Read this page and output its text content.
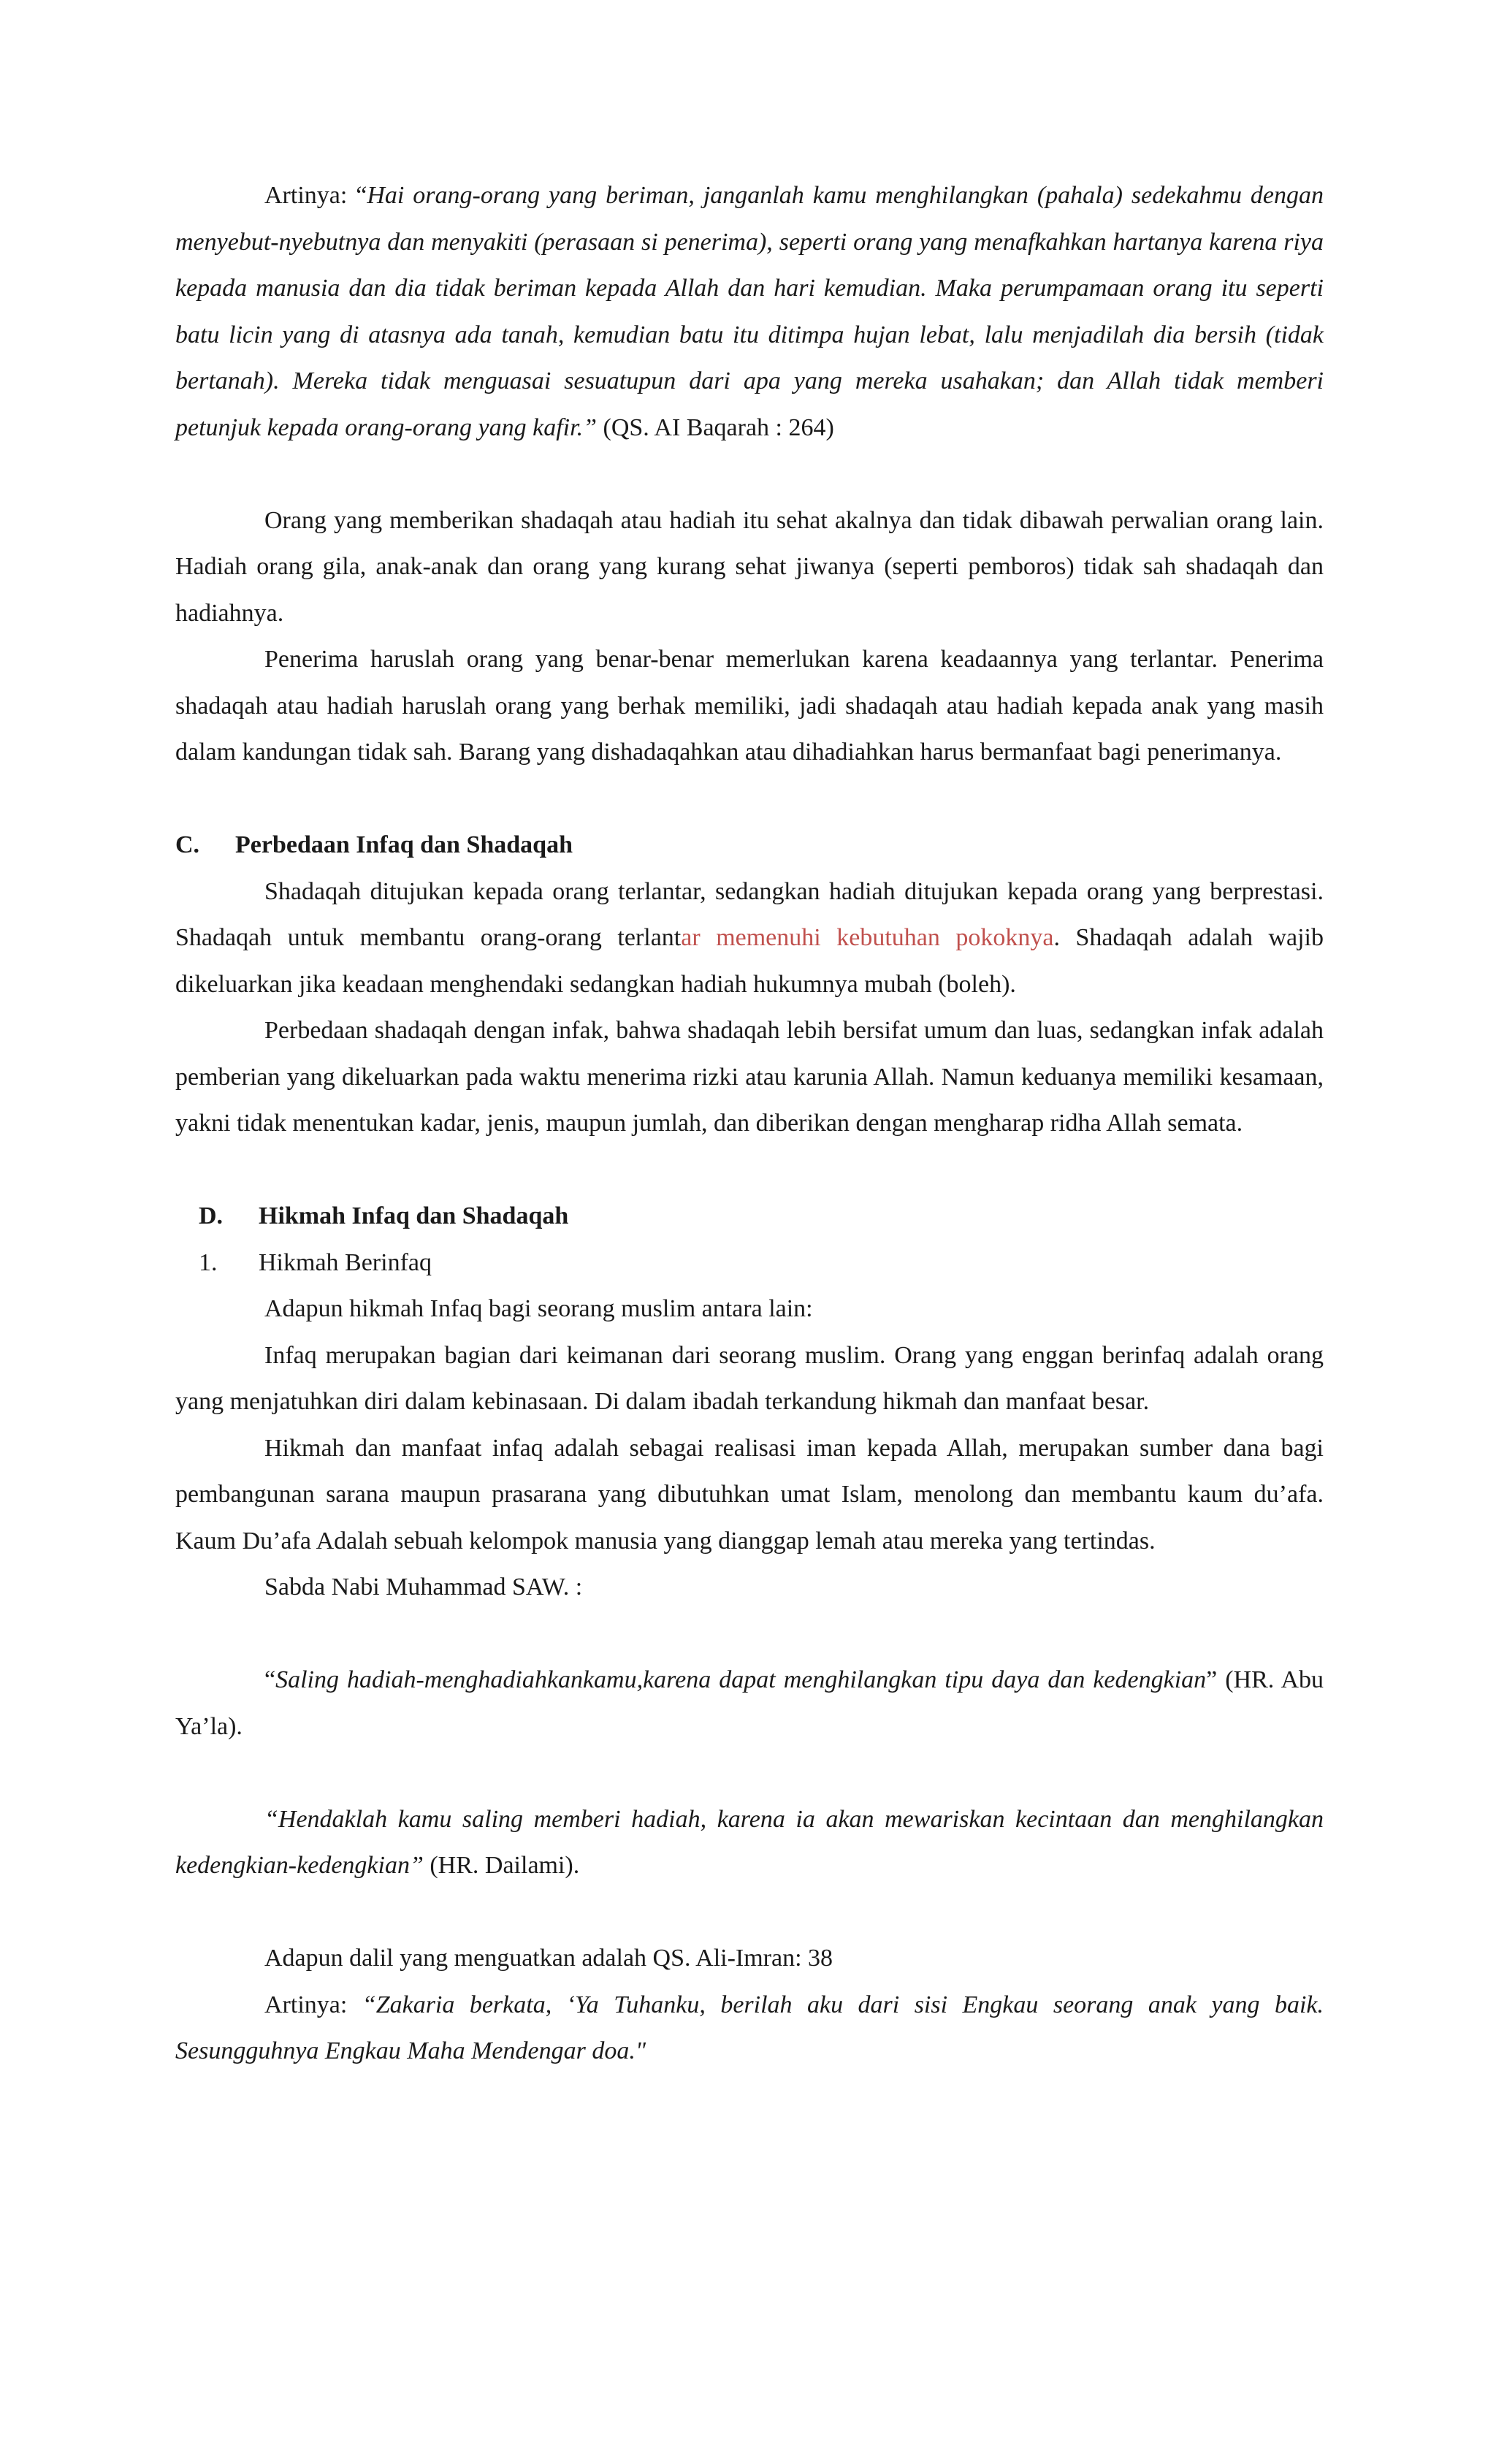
Artinya: “Hai orang-orang yang beriman, janganlah kamu menghilangkan (pahala) sedekahmu dengan menyebut-nyebutnya dan menyakiti (perasaan si penerima), seperti orang yang menafkahkan hartanya karena riya kepada manusia dan dia tidak beriman kepada Allah dan hari kemudian. Maka perumpamaan orang itu seperti batu licin yang di atasnya ada tanah, kemudian batu itu ditimpa hujan lebat, lalu menjadilah dia bersih (tidak bertanah). Mereka tidak menguasai sesuatupun dari apa yang mereka usahakan; dan Allah tidak memberi petunjuk kepada orang-orang yang kafir.” (QS. AI Baqarah : 264)

Orang yang memberikan shadaqah atau hadiah itu sehat akalnya dan tidak dibawah perwalian orang lain. Hadiah orang gila, anak-anak dan orang yang kurang sehat jiwanya (seperti pemboros) tidak sah shadaqah dan hadiahnya.

Penerima haruslah orang yang benar-benar memerlukan karena keadaannya yang terlantar. Penerima shadaqah atau hadiah haruslah orang yang berhak memiliki, jadi shadaqah atau hadiah kepada anak yang masih dalam kandungan tidak sah. Barang yang dishadaqahkan atau dihadiahkan harus bermanfaat bagi penerimanya.

C.	Perbedaan Infaq dan Shadaqah

Shadaqah ditujukan kepada orang terlantar, sedangkan hadiah ditujukan kepada orang yang berprestasi. Shadaqah untuk membantu orang-orang terlantar memenuhi kebutuhan pokoknya. Shadaqah adalah wajib dikeluarkan jika keadaan menghendaki sedangkan hadiah hukumnya mubah (boleh).

Perbedaan shadaqah dengan infak, bahwa shadaqah lebih bersifat umum dan luas, sedangkan infak adalah pemberian yang dikeluarkan pada waktu menerima rizki atau karunia Allah. Namun keduanya memiliki kesamaan, yakni tidak menentukan kadar, jenis, maupun jumlah, dan diberikan dengan mengharap ridha Allah semata.

D.	Hikmah Infaq dan Shadaqah
1.	Hikmah Berinfaq

Adapun hikmah Infaq bagi seorang muslim antara lain:

Infaq merupakan bagian dari keimanan dari seorang muslim. Orang yang enggan berinfaq adalah orang yang menjatuhkan diri dalam kebinasaan. Di dalam ibadah terkandung hikmah dan manfaat besar.

Hikmah dan manfaat infaq adalah sebagai realisasi iman kepada Allah, merupakan sumber dana bagi pembangunan sarana maupun prasarana yang dibutuhkan umat Islam, menolong dan membantu kaum du’afa. Kaum Du’afa Adalah sebuah kelompok manusia yang dianggap lemah atau mereka yang tertindas.

Sabda Nabi Muhammad SAW. :

“Saling hadiah-menghadiahkankamu,karena dapat menghilangkan tipu daya dan kedengkian” (HR. Abu Ya’la).

“Hendaklah kamu saling memberi hadiah, karena ia akan mewariskan kecintaan dan menghilangkan kedengkian-kedengkian” (HR. Dailami).

Adapun dalil yang menguatkan adalah QS. Ali-Imran: 38

Artinya: “Zakaria berkata, ‘Ya Tuhanku, berilah aku dari sisi Engkau seorang anak yang baik. Sesungguhnya Engkau Maha Mendengar doa."
